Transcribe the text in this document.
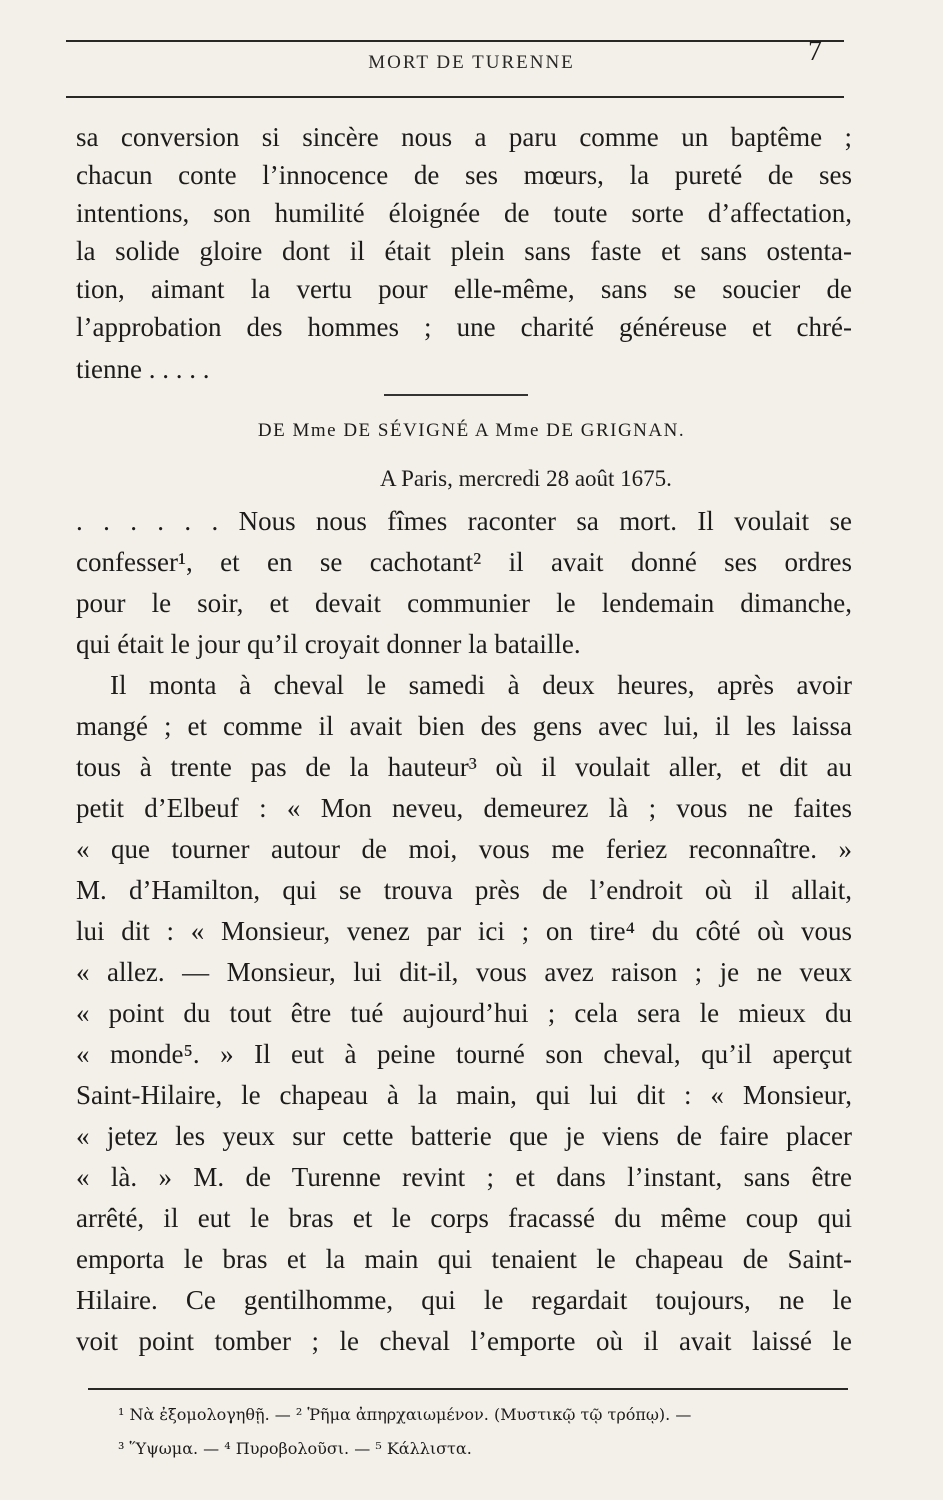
MORT DE TURENNE	7
sa conversion si sincère nous a paru comme un baptême ;
chacun conte l’innocence de ses mœurs, la pureté de ses
intentions, son humilité éloignée de toute sorte d’affectation,
la solide gloire dont il était plein sans faste et sans ostenta-
tion, aimant la vertu pour elle-même, sans se soucier de
l’approbation des hommes ; une charité généreuse et chré-
tienne . . . . .
DE Mme DE SÉVIGNÉ A Mme DE GRIGNAN.
A Paris, mercredi 28 août 1675.
. . . . . . Nous nous fîmes raconter sa mort. Il voulait se
confesser¹, et en se cachotant² il avait donné ses ordres
pour le soir, et devait communier le lendemain dimanche,
qui était le jour qu’il croyait donner la bataille.
Il monta à cheval le samedi à deux heures, après avoir
mangé ; et comme il avait bien des gens avec lui, il les laissa
tous à trente pas de la hauteur³ où il voulait aller, et dit au
petit d’Elbeuf : « Mon neveu, demeurez là ; vous ne faites
« que tourner autour de moi, vous me feriez reconnaître. »
M. d’Hamilton, qui se trouva près de l’endroit où il allait,
lui dit : « Monsieur, venez par ici ; on tire⁴ du côté où vous
« allez. — Monsieur, lui dit-il, vous avez raison ; je ne veux
« point du tout être tué aujourd’hui ; cela sera le mieux du
« monde⁵. » Il eut à peine tourné son cheval, qu’il aperçut
Saint-Hilaire, le chapeau à la main, qui lui dit : « Monsieur,
« jetez les yeux sur cette batterie que je viens de faire placer
« là. » M. de Turenne revint ; et dans l’instant, sans être
arrêté, il eut le bras et le corps fracassé du même coup qui
emporta le bras et la main qui tenaient le chapeau de Saint-
Hilaire. Ce gentilhomme, qui le regardait toujours, ne le
voit point tomber ; le cheval l’emporte où il avait laissé le
¹ Νὰ ἐξομολογηθῇ. — ² Ῥῆμα ἀπηρχαιωμένον. (Μυστικῷ τῷ τρόπῳ). —
³ Ὕψωμα. — ⁴ Πυροβολοῦσι. — ⁵ Κάλλιστα.
